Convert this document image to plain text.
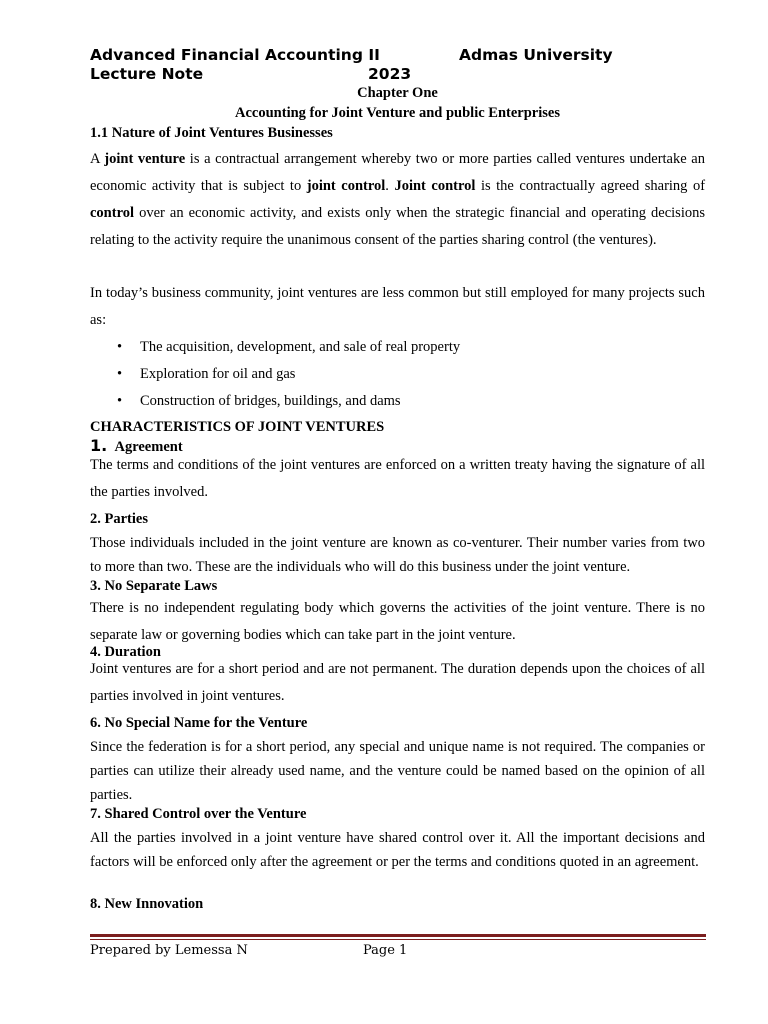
Advanced Financial Accounting II	Admas University
Lecture Note	2023
Chapter One
Accounting for Joint Venture and public Enterprises
1.1 Nature of Joint Ventures Businesses
A joint venture is a contractual arrangement whereby two or more parties called ventures undertake an economic activity that is subject to joint control. Joint control is the contractually agreed sharing of control over an economic activity, and exists only when the strategic financial and operating decisions relating to the activity require the unanimous consent of the parties sharing control (the ventures).
In today’s business community, joint ventures are less common but still employed for many projects such as:
• The acquisition, development, and sale of real property
• Exploration for oil and gas
• Construction of bridges, buildings, and dams
CHARACTERISTICS OF JOINT VENTURES
1. Agreement
The terms and conditions of the joint ventures are enforced on a written treaty having the signature of all the parties involved.
2. Parties
Those individuals included in the joint venture are known as co-venturer. Their number varies from two to more than two. These are the individuals who will do this business under the joint venture.
3. No Separate Laws
There is no independent regulating body which governs the activities of the joint venture. There is no separate law or governing bodies which can take part in the joint venture.
4. Duration
Joint ventures are for a short period and are not permanent. The duration depends upon the choices of all parties involved in joint ventures.
6. No Special Name for the Venture
Since the federation is for a short period, any special and unique name is not required. The companies or parties can utilize their already used name, and the venture could be named based on the opinion of all parties.
7. Shared Control over the Venture
All the parties involved in a joint venture have shared control over it. All the important decisions and factors will be enforced only after the agreement or per the terms and conditions quoted in an agreement.
8. New Innovation
Prepared by Lemessa N	Page 1
